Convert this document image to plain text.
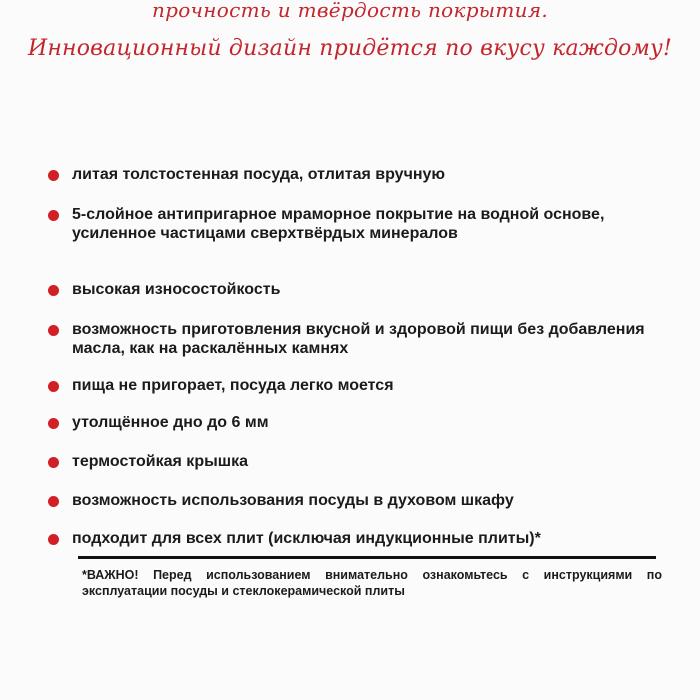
прочность и твёрдость покрытия.
Инновационный дизайн придётся по вкусу каждому!
литая толстостенная посуда, отлитая вручную
5-слойное антипригарное мраморное покрытие на водной основе, усиленное частицами сверхтвёрдых минералов
высокая износостойкость
возможность приготовления вкусной и здоровой пищи без добавления масла, как на раскалённых камнях
пища не пригорает, посуда легко моется
утолщённое дно до 6 мм
термостойкая крышка
возможность использования посуды в духовом шкафу
подходит для всех плит (исключая индукционные плиты)*
*ВАЖНО! Перед использованием внимательно ознакомьтесь с инструкциями по эксплуатации посуды и стеклокерамической плиты
